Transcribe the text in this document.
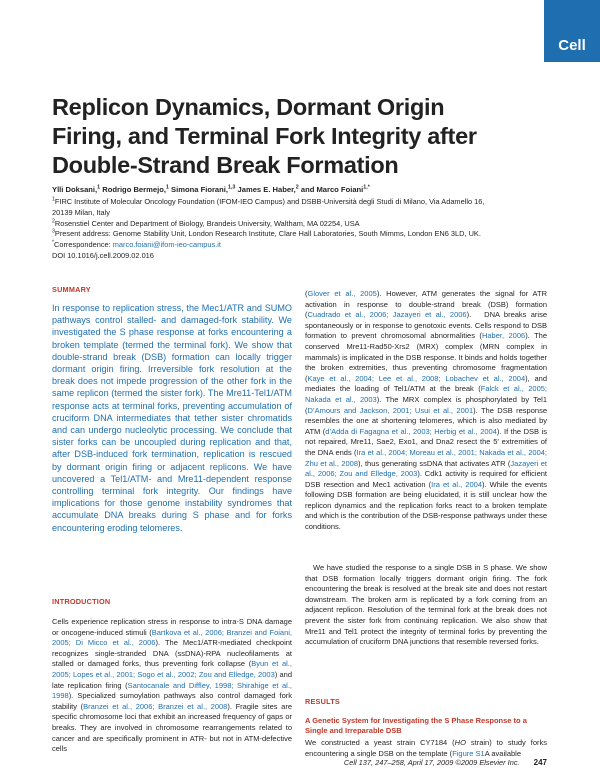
Cell
Replicon Dynamics, Dormant Origin Firing, and Terminal Fork Integrity after Double-Strand Break Formation
Ylli Doksani,$^1$ Rodrigo Bermejo,$^1$ Simona Fiorani,$^{1,3}$ James E. Haber,$^2$ and Marco Foiani$^{1,*}$
$^1$FIRC Institute of Molecular Oncology Foundation (IFOM-IEO Campus) and DSBB-Università degli Studi di Milano, Via Adamello 16, 20139 Milan, Italy
$^2$Rosenstiel Center and Department of Biology, Brandeis University, Waltham, MA 02254, USA
$^3$Present address: Genome Stability Unit, London Research Institute, Clare Hall Laboratories, South Mimms, London EN6 3LD, UK.
*Correspondence: marco.foiani@ifom-ieo-campus.it
DOI 10.1016/j.cell.2009.02.016
SUMMARY

In response to replication stress, the Mec1/ATR and SUMO pathways control stalled- and damaged-fork stability. We investigated the S phase response at forks encountering a broken template (termed the terminal fork). We show that double-strand break (DSB) formation can locally trigger dormant origin firing. Irreversible fork resolution at the break does not impede progression of the other fork in the same replicon (termed the sister fork). The Mre11-Tel1/ATM response acts at terminal forks, preventing accumulation of cruciform DNA intermediates that tether sister chromatids and can undergo nucleolytic processing. We conclude that sister forks can be uncoupled during replication and that, after DSB-induced fork termination, replication is rescued by dormant origin firing or adjacent replicons. We have uncovered a Tel1/ATM- and Mre11-dependent response controlling terminal fork integrity. Our findings have implications for those genome instability syndromes that accumulate DNA breaks during S phase and for forks encountering eroding telomeres.

INTRODUCTION

Cells experience replication stress in response to intra-S DNA damage or oncogene-induced stimuli (Bartkova et al., 2006; Branzei and Foiani, 2005; Di Micco et al., 2006). The Mec1/ATR-mediated checkpoint recognizes single-stranded DNA (ssDNA)-RPA nucleofilaments at stalled or damaged forks, thus preventing fork collapse (Byun et al., 2005; Lopes et al., 2001; Sogo et al., 2002; Zou and Elledge, 2003) and late replication firing (Santocanale and Diffley, 1998; Shirahige et al., 1998). Specialized sumoylation pathways also control damaged fork stability (Branzei et al., 2006; Branzei et al., 2008). Fragile sites are specific chromosome loci that exhibit an increased frequency of gaps or breaks. They are involved in chromosome rearrangements related to cancer and are specifically prominent in ATR- but not in ATM-defective cells

(Glover et al., 2005). However, ATM generates the signal for ATR activation in response to double-strand break (DSB) formation (Cuadrado et al., 2006; Jazayeri et al., 2006).   DNA breaks arise spontaneously or in response to genotoxic events. Cells respond to DSB formation to prevent chromosomal abnormalities (Haber, 2006). The conserved Mre11-Rad50-Xrs2 (MRX) complex (MRN complex in mammals) is implicated in the DSB response. It binds and holds together the broken extremities, thus preventing chromosome fragmentation (Kaye et al., 2004; Lee et al., 2008; Lobachev et al., 2004), and mediates the loading of Tel1/ATM at the break (Falck et al., 2005; Nakada et al., 2003). The MRX complex is phosphorylated by Tel1 (D’Amours and Jackson, 2001; Usui et al., 2001). The DSB response resembles the one at shortening telomeres, which is also mediated by ATM (d’Adda di Fagagna et al., 2003; Herbig et al., 2004). If the DSB is not repaired, Mre11, Sae2, Exo1, and Dna2 resect the 5′ extremities of the DNA ends (Ira et al., 2004; Moreau et al., 2001; Nakada et al., 2004; Zhu et al., 2008), thus generating ssDNA that activates ATR (Jazayeri et al., 2006; Zou and Elledge, 2003). Cdk1 activity is required for efficient DSB resection and Mec1 activation (Ira et al., 2004). While the events following DSB formation are being elucidated, it is still unclear how the replicon dynamics and the replication forks react to a broken template and which is the contribution of the DSB-response pathways under these conditions.

We have studied the response to a single DSB in S phase. We show that DSB formation locally triggers dormant origin firing. The fork encountering the break is resolved at the break site and does not restart downstream. The broken arm is replicated by a fork coming from an adjacent replicon. Resolution of the terminal fork at the break does not prevent the sister fork from continuing replication. We also show that Mre11 and Tel1 protect the integrity of terminal forks by preventing the accumulation of cruciform DNA junctions that resemble reversed forks.

RESULTS
A Genetic System for Investigating the S Phase Response to a Single and Irreparable DSB

We constructed a yeast strain CY7184 (HO strain) to study forks encountering a single DSB on the template (Figure S1A available

Cell 137, 247–258, April 17, 2009 ©2009 Elsevier Inc. 247
